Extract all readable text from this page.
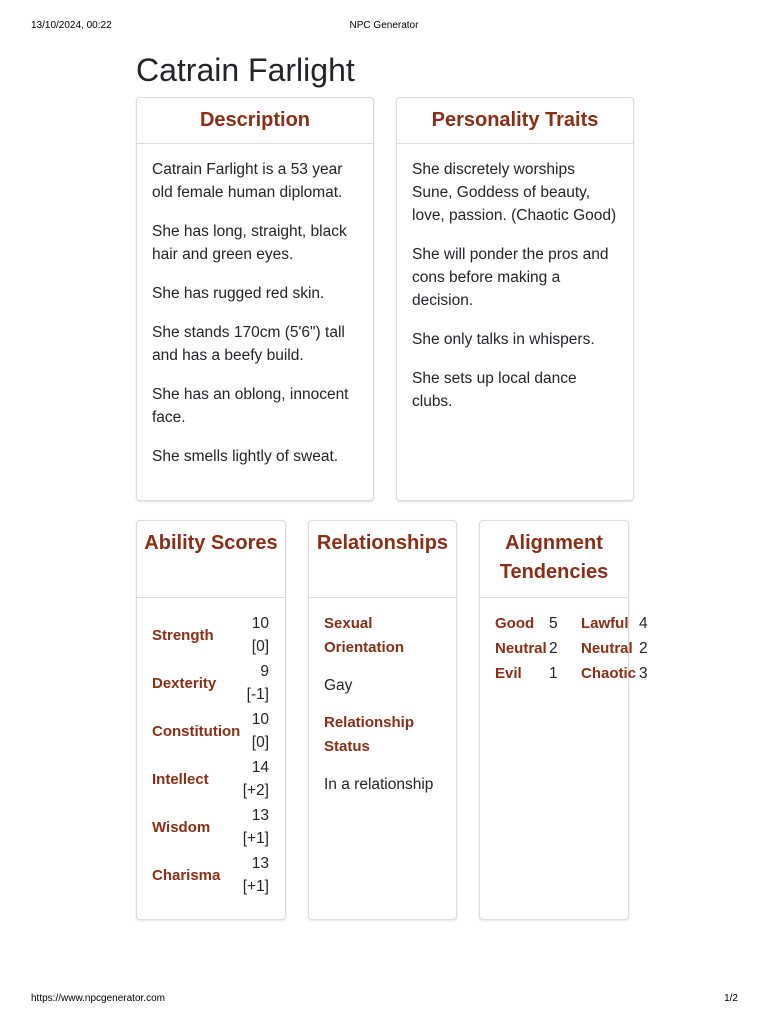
13/10/2024, 00:22	NPC Generator
Catrain Farlight
Description

Catrain Farlight is a 53 year old female human diplomat.

She has long, straight, black hair and green eyes.

She has rugged red skin.

She stands 170cm (5'6") tall and has a beefy build.

She has an oblong, innocent face.

She smells lightly of sweat.

Personality Traits

She discretely worships Sune, Goddess of beauty, love, passion. (Chaotic Good)

She will ponder the pros and cons before making a decision.

She only talks in whispers.

She sets up local dance clubs.

Ability Scores
Strength
10
[0]
Dexterity
9
[-1]
Constitution
10
[0]
Intellect
14
[+2]
Wisdom
13
[+1]
Charisma
13
[+1]
Relationships
Sexual Orientation
Gay
Relationship Status
In a relationship
Alignment Tendencies
Good 5	Lawful 4
Neutral 2	Neutral 2
Evil	1	Chaotic 3
https://www.npcgenerator.com	1/2
